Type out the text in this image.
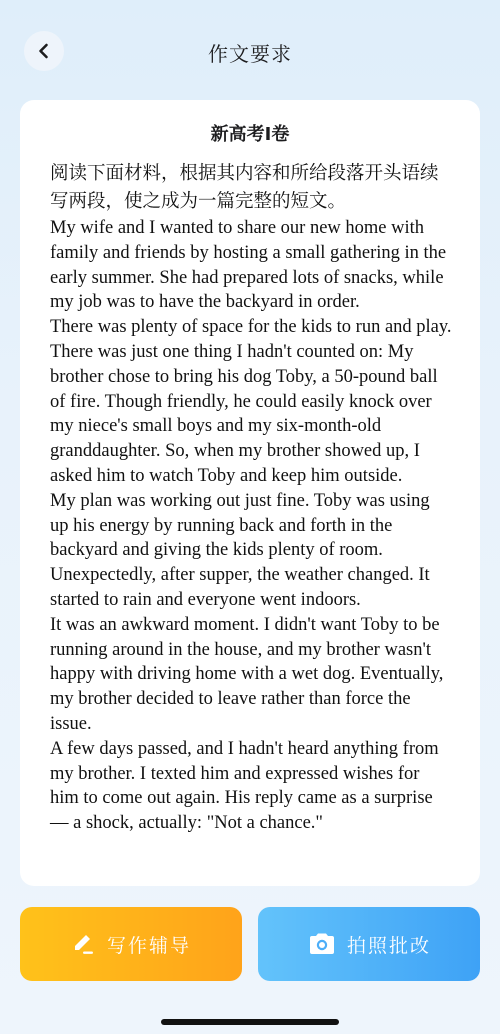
作文要求
新高考Ⅰ卷
阅读下面材料，根据其内容和所给段落开头语续写两段，使之成为一篇完整的短文。

My wife and I wanted to share our new home with family and friends by hosting a small gathering in the early summer. She had prepared lots of snacks, while my job was to have the backyard in order.

There was plenty of space for the kids to run and play. There was just one thing I hadn't counted on: My brother chose to bring his dog Toby, a 50-pound ball of fire. Though friendly, he could easily knock over my niece's small boys and my six-month-old granddaughter. So, when my brother showed up, I asked him to watch Toby and keep him outside.

My plan was working out just fine. Toby was using up his energy by running back and forth in the backyard and giving the kids plenty of room. Unexpectedly, after supper, the weather changed. It started to rain and everyone went indoors.

It was an awkward moment. I didn't want Toby to be running around in the house, and my brother wasn't happy with driving home with a wet dog. Eventually, my brother decided to leave rather than force the issue.

A few days passed, and I hadn't heard anything from my brother. I texted him and expressed wishes for him to come out again. His reply came as a surprise — a shock, actually: "Not a chance."

写作辅导	拍照批改
